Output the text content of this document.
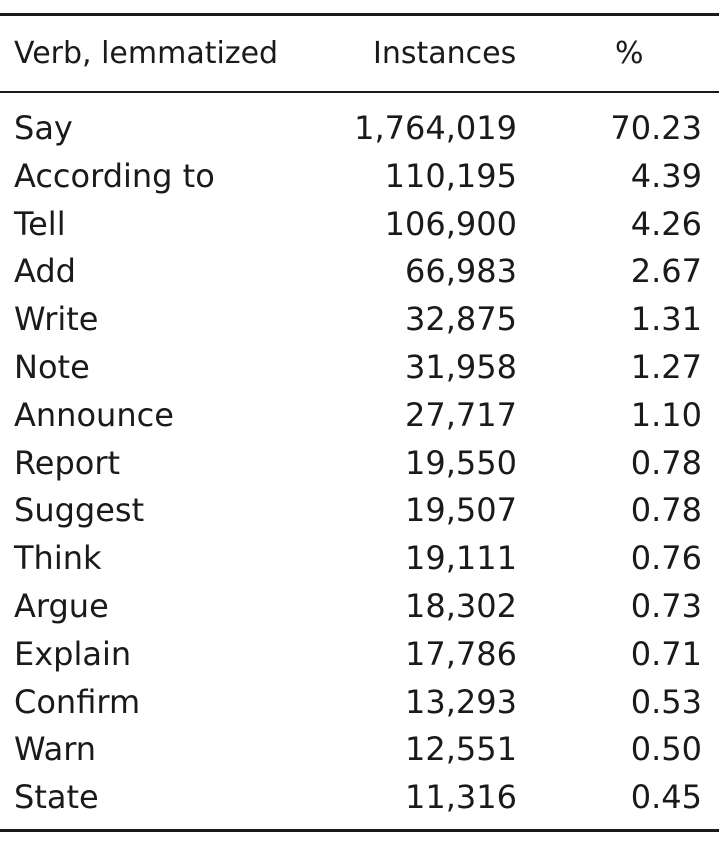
Verb, lemmatized	Instances	%
Say	1,764,019	70.23
According to	110,195	4.39
Tell	106,900	4.26
Add	66,983	2.67
Write	32,875	1.31
Note	31,958	1.27
Announce	27,717	1.10
Report	19,550	0.78
Suggest	19,507	0.78
Think	19,111	0.76
Argue	18,302	0.73
Explain	17,786	0.71
Confirm	13,293	0.53
Warn	12,551	0.50
State	11,316	0.45
